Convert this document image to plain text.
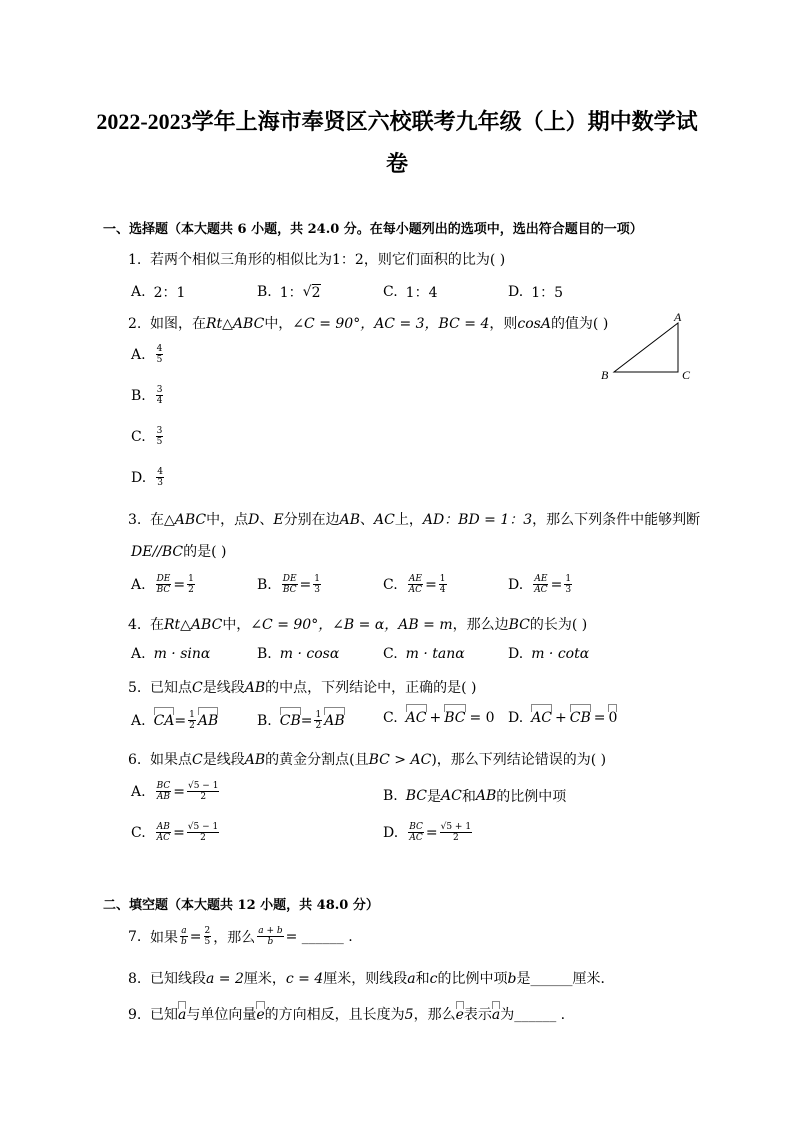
2022-2023学年上海市奉贤区六校联考九年级（上）期中数学试
卷
一、选择题（本大题共 6 小题，共 24.0 分。在每小题列出的选项中，选出符合题目的一项）
1. 若两个相似三角形的相似比为1：2，则它们面积的比为( )
A. 2：1	B. 1： √ 2	C. 1：4	D. 1：5
2. 如图，在Rt△ABC中，∠C = 90°，AC = 3，BC = 4，则cosA的值为( )
A. $\frac{4}{5}$
B. $\frac{3}{4}$
C. $\frac{3}{5}$
D. $\frac{4}{3}$
A
B	C
3. 在△ABC中，点D、E分别在边AB、AC上，AD：BD = 1：3，那么下列条件中能够判断
DE//BC的是( )
A. $\frac{DE}{BC} = \frac{1}{2}$	B. $\frac{DE}{BC} = \frac{1}{3}$	C. $\frac{AE}{AC} = \frac{1}{4}$	D. $\frac{AE}{AC} = \frac{1}{3}$
4. 在Rt△ABC中，∠C = 90°，∠B = α，AB = m，那么边BC的长为( )
A. m · sinα	B. m · cosα	C. m · tanα	D. m · cotα
5. 已知点C是线段AB的中点，下列结论中，正确的是( )
A. CA = $\frac{1}{2}$ AB	B. CB = $\frac{1}{2}$ AB	C. AC + BC = 0 D. AC + CB = 0
6. 如果点C是线段AB的黄金分割点(且BC > AC)，那么下列结论错误的为( )
A. $\frac{BC}{AB} = \frac{√5 - 1}{2}$	B. BC 是 AC 和 AB 的比例中项
C. $\frac{AB}{AC} = \frac{√5 - 1}{2}$	D. $\frac{BC}{AC} = \frac{√5 + 1}{2}$
二、填空题（本大题共 12 小题，共 48.0 分）
7. 如果 $\frac{a}{b} = \frac{2}{5}$ ，那么 $\frac{a + b}{b}$ = ______ .
8. 已知线段a = 2厘米，c = 4厘米，则线段a和c的比例中项b是______厘米．
9. 已知a与单位向量e的方向相反，且长度为5，那么e表示a为______ .
